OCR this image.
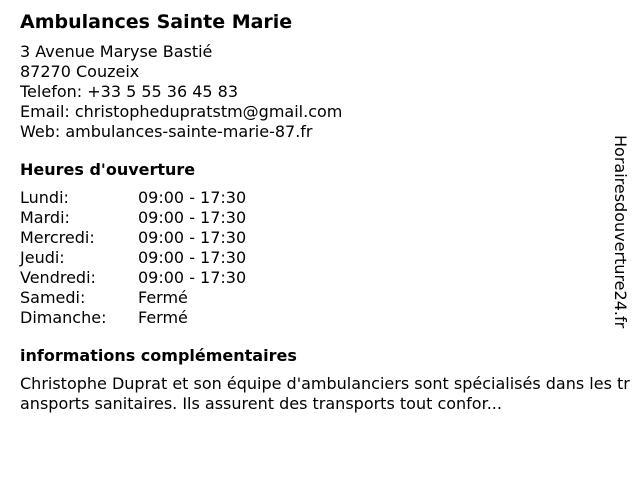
Ambulances Sainte Marie
3 Avenue Maryse Bastié
87270 Couzeix
Telefon: +33 5 55 36 45 83
Email: christophedupratstm@gmail.com
Web: ambulances-sainte-marie-87.fr
Heures d'ouverture
Lundi:	09:00 - 17:30
Mardi:	09:00 - 17:30
Mercredi:	09:00 - 17:30
Jeudi:	09:00 - 17:30
Vendredi:	09:00 - 17:30
Samedi:	Fermé
Dimanche:	Fermé
informations complémentaires
Christophe Duprat et son équipe d'ambulanciers sont spécialisés dans les transports sanitaires. Ils assurent des transports tout confor...
Horairesdouverture24.fr
